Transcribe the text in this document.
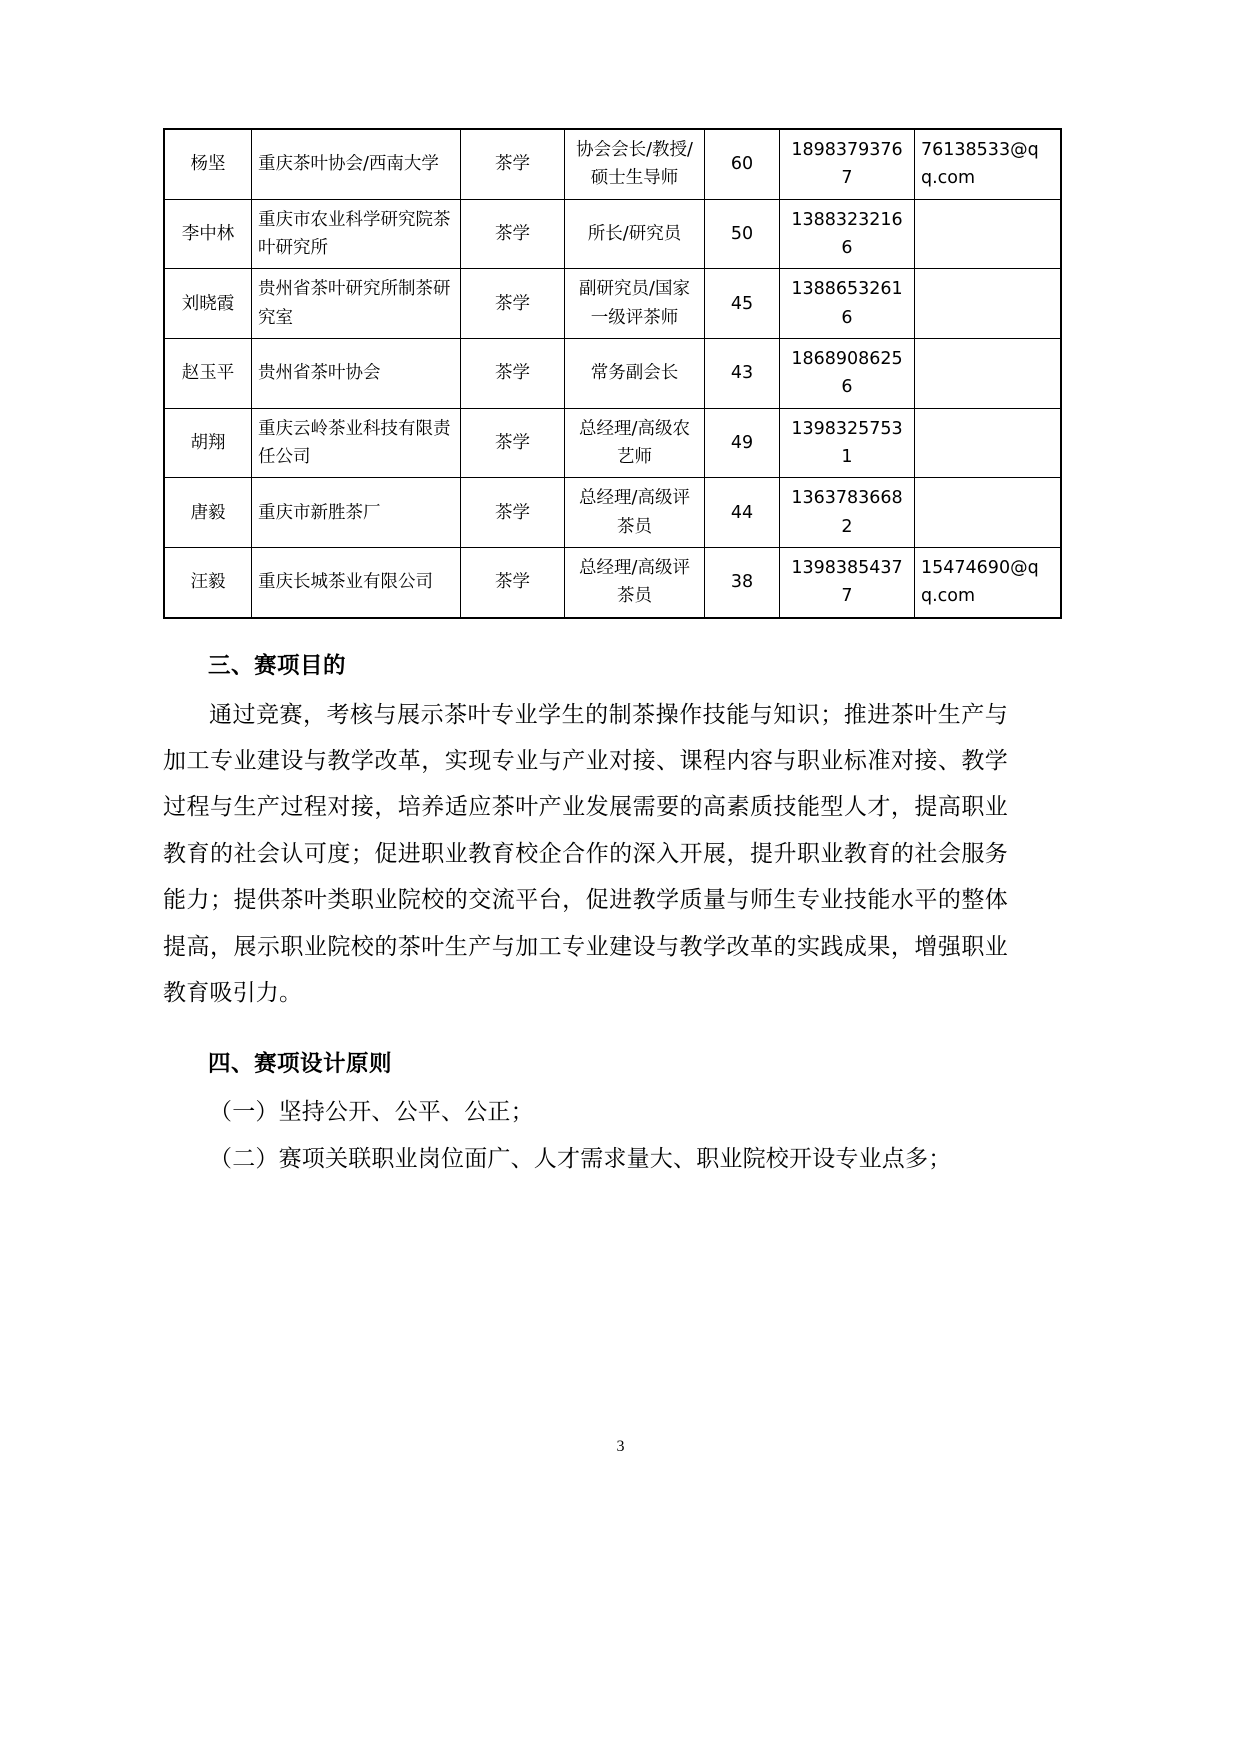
杨坚	重庆茶叶协会/西南大学	茶学	协会会长/教授/硕士生导师	60	18983793767	76138533@qq.com
李中林	重庆市农业科学研究院茶叶研究所	茶学	所长/研究员	50	13883232166	
刘晓霞	贵州省茶叶研究所制茶研究室	茶学	副研究员/国家一级评茶师	45	13886532616	
赵玉平	贵州省茶叶协会	茶学	常务副会长	43	18689086256	
胡翔	重庆云岭茶业科技有限责任公司	茶学	总经理/高级农艺师	49	13983257531	
唐毅	重庆市新胜茶厂	茶学	总经理/高级评茶员	44	13637836682	
汪毅	重庆长城茶业有限公司	茶学	总经理/高级评茶员	38	13983854377	15474690@qq.com
三、赛项目的

通过竞赛，考核与展示茶叶专业学生的制茶操作技能与知识；推进茶叶生产与加工专业建设与教学改革，实现专业与产业对接、课程内容与职业标准对接、教学过程与生产过程对接，培养适应茶叶产业发展需要的高素质技能型人才，提高职业教育的社会认可度；促进职业教育校企合作的深入开展，提升职业教育的社会服务能力；提供茶叶类职业院校的交流平台，促进教学质量与师生专业技能水平的整体提高，展示职业院校的茶叶生产与加工专业建设与教学改革的实践成果，增强职业教育吸引力。

四、赛项设计原则

（一）坚持公开、公平、公正；

（二）赛项关联职业岗位面广、人才需求量大、职业院校开设专业点多；

3
